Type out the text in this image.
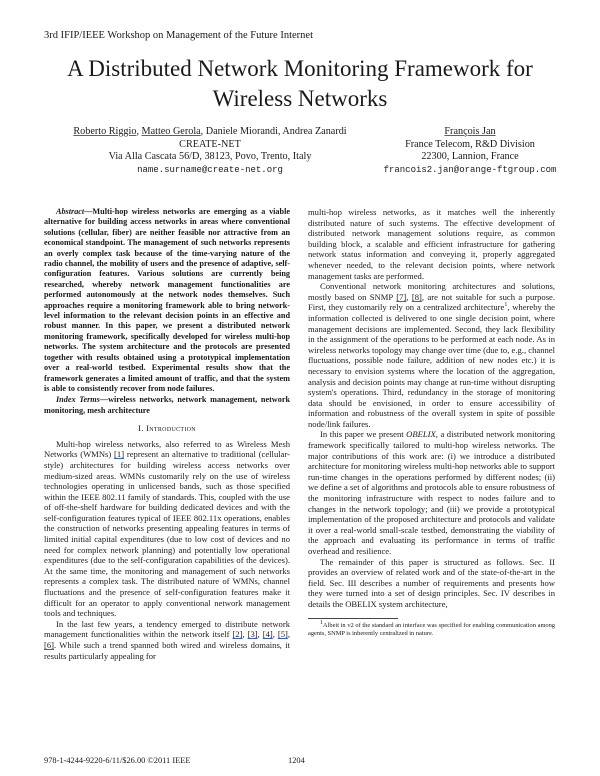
3rd IFIP/IEEE Workshop on Management of the Future Internet
A Distributed Network Monitoring Framework for
Wireless Networks
Roberto Riggio, Matteo Gerola, Daniele Miorandi, Andrea Zanardi
CREATE-NET
Via Alla Cascata 56/D, 38123, Povo, Trento, Italy
name.surname@create-net.org
François Jan
France Telecom, R&D Division
22300, Lannion, France
francois2.jan@orange-ftgroup.com

Abstract—Multi-hop wireless networks are emerging as a viable alternative for building access networks in areas where conventional solutions (cellular, fiber) are neither feasible nor attractive from an economical standpoint. The management of such networks represents an overly complex task because of the time-varying nature of the radio channel, the mobility of users and the presence of adaptive, self-configuration features. Various solutions are currently being researched, whereby network management functionalities are performed autonomously at the network nodes themselves. Such approaches require a monitoring framework able to bring network-level information to the relevant decision points in an effective and robust manner. In this paper, we present a distributed network monitoring framework, specifically developed for wireless multi-hop networks. The system architecture and the protocols are presented together with results obtained using a prototypical implementation over a real-world testbed. Experimental results show that the framework generates a limited amount of traffic, and that the system is able to consistently recover from node failures.

Index Terms—wireless networks, network management, network monitoring, mesh architecture

I. Introduction

Multi-hop wireless networks, also referred to as Wireless Mesh Networks (WMNs) [1] represent an alternative to traditional (cellular-style) architectures for building wireless access networks over medium-sized areas. WMNs customarily rely on the use of wireless technologies operating in unlicensed bands, such as those specified within the IEEE 802.11 family of standards. This, coupled with the use of off-the-shelf hardware for building dedicated devices and with the self-configuration features typical of IEEE 802.11x operations, enables the construction of networks presenting appealing features in terms of limited initial capital expenditures (due to low cost of devices and no need for complex network planning) and potentially low operational expenditures (due to the self-configuration capabilities of the devices). At the same time, the monitoring and management of such networks represents a complex task. The distributed nature of WMNs, channel fluctuations and the presence of self-configuration features make it difficult for an operator to apply conventional network management tools and techniques.

In the last few years, a tendency emerged to distribute network management functionalities within the network itself [2], [3], [4], [5], [6]. While such a trend spanned both wired and wireless domains, it results particularly appealing for

multi-hop wireless networks, as it matches well the inherently distributed nature of such systems. The effective development of distributed network management solutions require, as common building block, a scalable and efficient infrastructure for gathering network status information and conveying it, properly aggregated whenever needed, to the relevant decision points, where network management tasks are performed.

Conventional network monitoring architectures and solutions, mostly based on SNMP [7], [8], are not suitable for such a purpose. First, they customarily rely on a centralized architecture$^1$, whereby the information collected is delivered to one single decision point, where management decisions are implemented. Second, they lack flexibility in the assignment of the operations to be performed at each node. As in wireless networks topology may change over time (due to, e.g., channel fluctuations, possible node failure, addition of new nodes etc.) it is necessary to envision systems where the location of the aggregation, analysis and decision points may change at run-time without disrupting system's operations. Third, redundancy in the storage of monitoring data should be envisioned, in order to ensure accessibility of information and robustness of the overall system in spite of possible node/link failures.

In this paper we present OBELIX, a distributed network monitoring framework specifically tailored to multi-hop wireless networks. The major contributions of this work are: (i) we introduce a distributed architecture for monitoring wireless multi-hop networks able to support run-time changes in the operations performed by different nodes; (ii) we define a set of algorithms and protocols able to ensure robustness of the monitoring infrastructure with respect to nodes failure and to changes in the network topology; and (iii) we provide a prototypical implementation of the proposed architecture and protocols and validate it over a real-world small-scale testbed, demonstrating the viability of the approach and evaluating its performance in terms of traffic overhead and resilience.

The remainder of this paper is structured as follows. Sec. II provides an overview of related work and of the state-of-the-art in the field. Sec. III describes a number of requirements and presents how they were turned into a set of design principles. Sec. IV describes in details the OBELIX system architecture,

$^1$Albeit in v2 of the standard an interface was specified for enabling communication among agents, SNMP is inherently centralized in nature.

978-1-4244-9220-6/11/$26.00 ©2011 IEEE	1204
